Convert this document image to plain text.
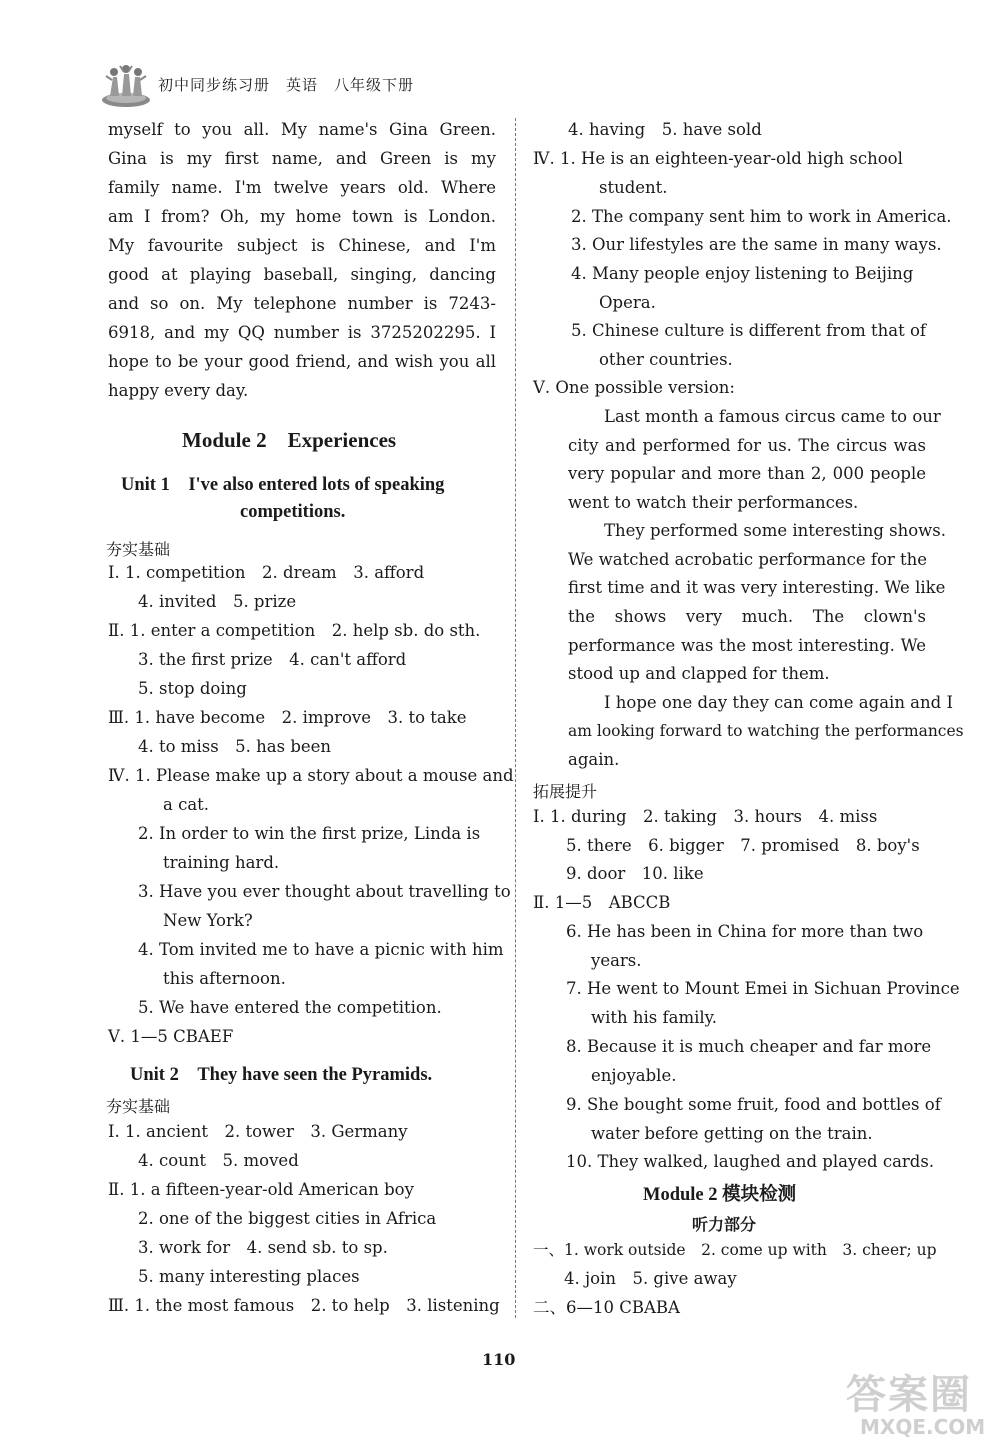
初中同步练习册　英语　八年级下册
myself to you all. My name's Gina Green.
Gina is my first name, and Green is my
family name. I'm twelve years old. Where
am I from? Oh, my home town is London.
My favourite subject is Chinese, and I'm
good at playing baseball, singing, dancing
and so on. My telephone number is 7243-
6918, and my QQ number is 3725202295. I
hope to be your good friend, and wish you all
happy every day.
Module 2　Experiences
Unit 1　I've also entered lots of speaking
competitions.
夯实基础
Ⅰ. 1. competition　2. dream　3. afford
4. invited　5. prize
Ⅱ. 1. enter a competition　2. help sb. do sth.
3. the first prize　4. can't afford
5. stop doing
Ⅲ. 1. have become　2. improve　3. to take
4. to miss　5. has been
Ⅳ. 1. Please make up a story about a mouse and
a cat.
2. In order to win the first prize, Linda is
training hard.
3. Have you ever thought about travelling to
New York?
4. Tom invited me to have a picnic with him
this afternoon.
5. We have entered the competition.
Ⅴ. 1—5 CBAEF
Unit 2　They have seen the Pyramids.
夯实基础
Ⅰ. 1. ancient　2. tower　3. Germany
4. count　5. moved
Ⅱ. 1. a fifteen-year-old American boy
2. one of the biggest cities in Africa
3. work for　4. send sb. to sp.
5. many interesting places
Ⅲ. 1. the most famous　2. to help　3. listening
4. having　5. have sold
Ⅳ. 1. He is an eighteen-year-old high school
student.
2. The company sent him to work in America.
3. Our lifestyles are the same in many ways.
4. Many people enjoy listening to Beijing
Opera.
5. Chinese culture is different from that of
other countries.
Ⅴ. One possible version:
Last month a famous circus came to our
city and performed for us. The circus was
very popular and more than 2, 000 people
went to watch their performances.
They performed some interesting shows.
We watched acrobatic performance for the
first time and it was very interesting. We like
the shows very much. The clown's
performance was the most interesting. We
stood up and clapped for them.
I hope one day they can come again and I
am looking forward to watching the performances
again.
拓展提升
Ⅰ. 1. during　2. taking　3. hours　4. miss
5. there　6. bigger　7. promised　8. boy's
9. door　10. like
Ⅱ. 1—5　ABCCB
6. He has been in China for more than two
years.
7. He went to Mount Emei in Sichuan Province
with his family.
8. Because it is much cheaper and far more
enjoyable.
9. She bought some fruit, food and bottles of
water before getting on the train.
10. They walked, laughed and played cards.
Module 2 模块检测
听力部分
一、1. work outside　2. come up with　3. cheer; up
4. join　5. give away
二、6—10 CBABA
110
答案圈
MXQE.COM
